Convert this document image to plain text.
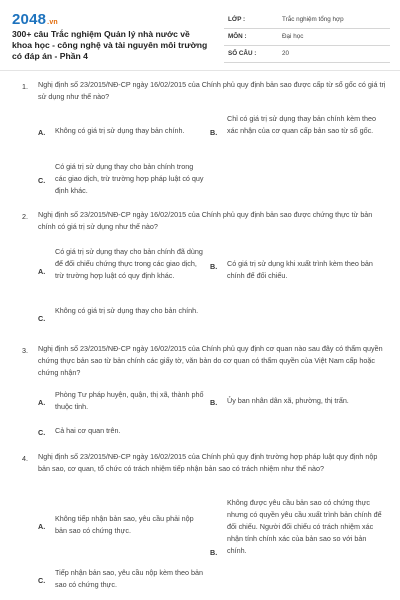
2048.vn
300+ câu Trắc nghiệm Quản lý nhà nước về khoa học - công nghệ và tài nguyên môi trường có đáp án - Phần 4
LỚP :	Trắc nghiệm tổng hợp
MÔN :	Đại học
SỐ CÂU :	20
1. Nghị định số 23/2015/NĐ-CP ngày 16/02/2015 của Chính phủ quy định bản sao được cấp từ sổ gốc có giá trị sử dụng như thế nào?
A. Không có giá trị sử dụng thay bản chính.	B.
Chỉ có giá trị sử dụng thay bản chính kèm theo xác nhận của cơ quan cấp bản sao từ sổ gốc.
C.
Có giá trị sử dụng thay cho bản chính trong các giao dịch, trừ trường hợp pháp luật có quy định khác.
2. Nghị định số 23/2015/NĐ-CP ngày 16/02/2015 của Chính phủ quy định bản sao được chứng thực từ bản chính có giá trị sử dụng như thế nào?
A.
Có giá trị sử dụng thay cho bản chính đã dùng để đối chiếu chứng thực trong các giao dịch, trừ trường hợp luật có quy định khác.
B. Có giá trị sử dụng khi xuất trình kèm theo bản chính để đối chiếu.
C.
Không có giá trị sử dụng thay cho bản chính.
3. Nghị định số 23/2015/NĐ-CP ngày 16/02/2015 của Chính phủ quy định cơ quan nào sau đây có thẩm quyền chứng thực bản sao từ bản chính các giấy tờ, văn bản do cơ quan có thẩm quyền của Việt Nam cấp hoặc chứng nhận?
A.
Phòng Tư pháp huyện, quận, thị xã, thành phố thuộc tỉnh.	B. Ủy ban nhân dân xã, phường, thị trấn.
C. Cả hai cơ quan trên.
4. Nghị định số 23/2015/NĐ-CP ngày 16/02/2015 của Chính phủ quy định trường hợp pháp luật quy định nộp bản sao, cơ quan, tổ chức có trách nhiệm tiếp nhận bản sao có trách nhiệm như thế nào?
A.
Không tiếp nhận bản sao, yêu cầu phải nộp bản sao có chứng thực.
B.
Không được yêu cầu bản sao có chứng thực nhưng có quyền yêu cầu xuất trình bản chính để đối chiếu. Người đối chiếu có trách nhiệm xác nhận tính chính xác của bản sao so với bản chính.
C.
Tiếp nhận bản sao, yêu cầu nộp kèm theo bản sao có chứng thực.
